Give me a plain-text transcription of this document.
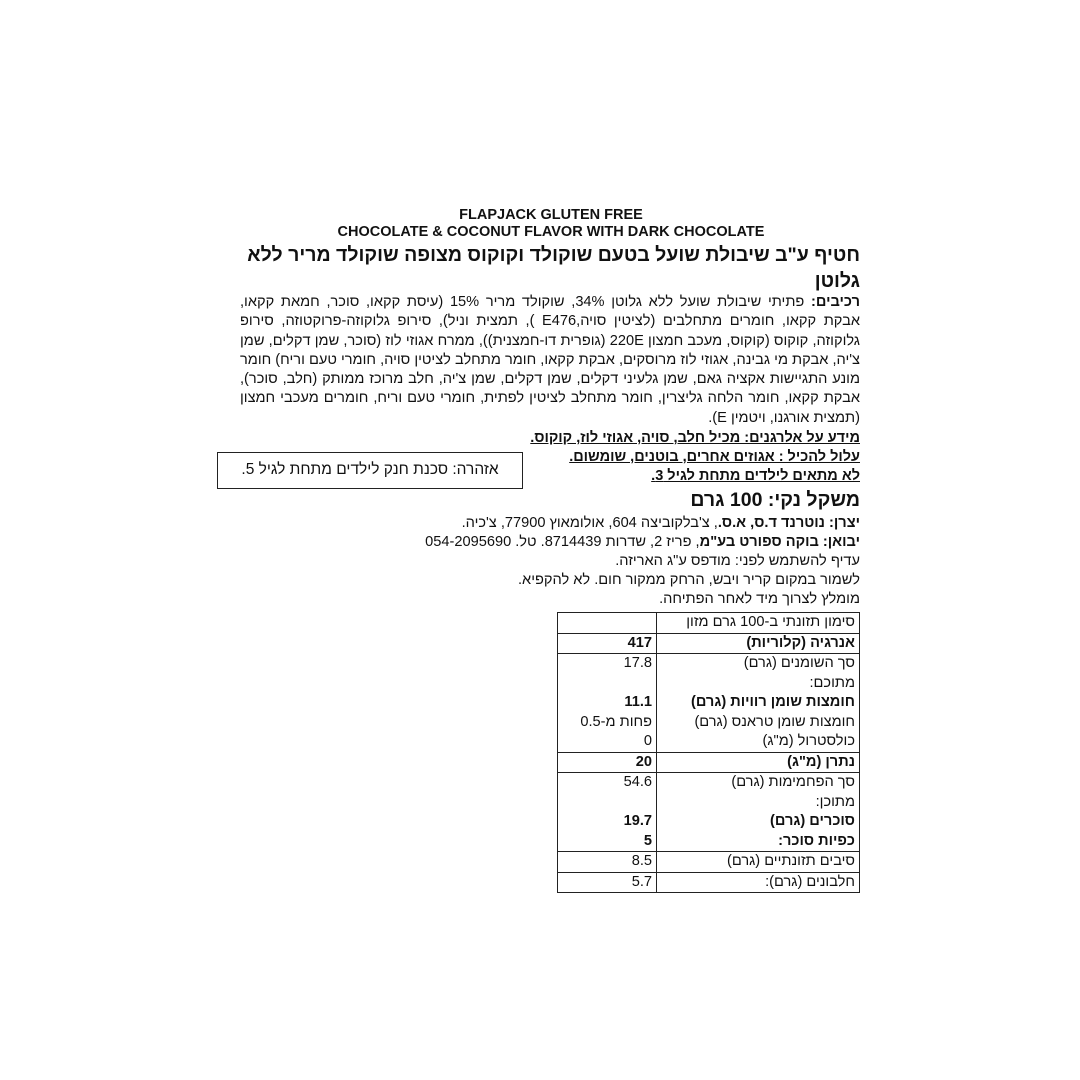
FLAPJACK GLUTEN FREE
CHOCOLATE & COCONUT FLAVOR WITH DARK CHOCOLATE
חטיף ע"ב שיבולת שועל בטעם שוקולד וקוקוס מצופה שוקולד מריר ללא גלוטן
רכיבים: פתיתי שיבולת שועל ללא גלוטן 34%, שוקולד מריר 15% (עיסת קקאו, סוכר, חמאת קקאו, אבקת קקאו, חומרים מתחלבים (לציטין סויה,E476 ), תמצית וניל), סירופ גלוקוזה-פרוקטוזה, סירופ גלוקוזה, קוקוס (קוקוס, מעכב חמצון 220E (גופרית דו-חמצנית)), ממרח אגוזי לוז (סוכר, שמן דקלים, שמן צ'יה, אבקת מי גבינה, אגוזי לוז מרוסקים, אבקת קקאו, חומר מתחלב לציטין סויה, חומרי טעם וריח) חומר מונע התגיישות אקציה גאם, שמן גלעיני דקלים, שמן דקלים, שמן צ'יה, חלב מרוכז ממותק (חלב, סוכר), אבקת קקאו, חומר הלחה גליצרין, חומר מתחלב לציטין לפתית, חומרי טעם וריח, חומרים מעכבי חמצון (תמצית אורגנו, ויטמין E).
מידע על אלרגנים: מכיל חלב, סויה, אגוזי לוז, קוקוס.
עלול להכיל : אגוזים אחרים, בוטנים, שומשום.
לא מתאים לילדים מתחת לגיל 3.
אזהרה: סכנת חנק לילדים מתחת לגיל 5.
משקל נקי: 100 גרם
יצרן: נוטרנד ד.ס, א.ס., צ'בלקוביצה 604, אולומאוץ 77900, צ'כיה.
יבואן: בוקה ספורט בע"מ, פריז 2, שדרות 8714439. טל. 054-2095690
עדיף להשתמש לפני: מודפס ע"ג האריזה.
לשמור במקום קריר ויבש, הרחק ממקור חום. לא להקפיא.
מומלץ לצרוך מיד לאחר הפתיחה.
	סימון תזונתי ב-100 גרם מזון
417	אנרגיה (קלוריות)
17.8	סך השומנים (גרם)
	מתוכם:
11.1	חומצות שומן רוויות (גרם)
פחות מ-0.5	חומצות שומן טראנס (גרם)
0	כולסטרול (מ"ג)
20	נתרן (מ"ג)
54.6	סך הפחמימות (גרם)
	מתוכן:
19.7	סוכרים (גרם)
5	כפיות סוכר:
8.5	סיבים תזונתיים (גרם)
5.7	חלבונים (גרם):
